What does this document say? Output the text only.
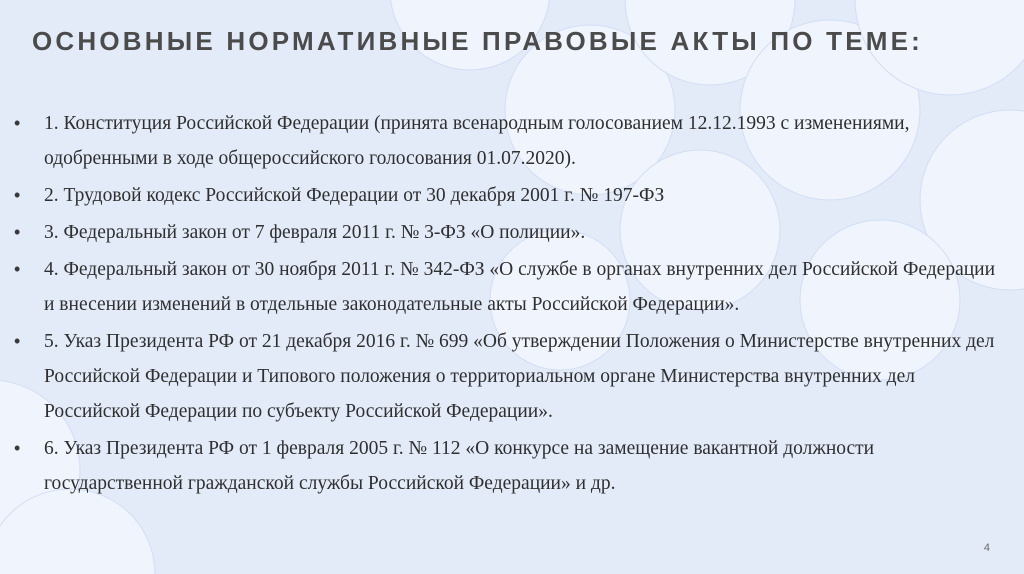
ОСНОВНЫЕ НОРМАТИВНЫЕ ПРАВОВЫЕ АКТЫ ПО ТЕМЕ:
• 1. Конституция Российской Федерации (принята всенародным голосованием 12.12.1993 с изменениями, одобренными в ходе общероссийского голосования 01.07.2020).
• 2. Трудовой кодекс Российской Федерации от 30 декабря 2001 г. № 197-ФЗ
• 3. Федеральный закон от 7 февраля 2011 г. № 3-ФЗ «О полиции».
• 4. Федеральный закон от 30 ноября 2011 г. № 342-ФЗ «О службе в органах внутренних дел Российской Федерации и внесении изменений в отдельные законодательные акты Российской Федерации».
• 5. Указ Президента РФ от 21 декабря 2016 г. № 699 «Об утверждении Положения о Министерстве внутренних дел Российской Федерации и Типового положения о территориальном органе Министерства внутренних дел Российской Федерации по субъекту Российской Федерации».
• 6. Указ Президента РФ от 1 февраля 2005 г. № 112 «О конкурсе на замещение вакантной должности государственной гражданской службы Российской Федерации» и др.
4
